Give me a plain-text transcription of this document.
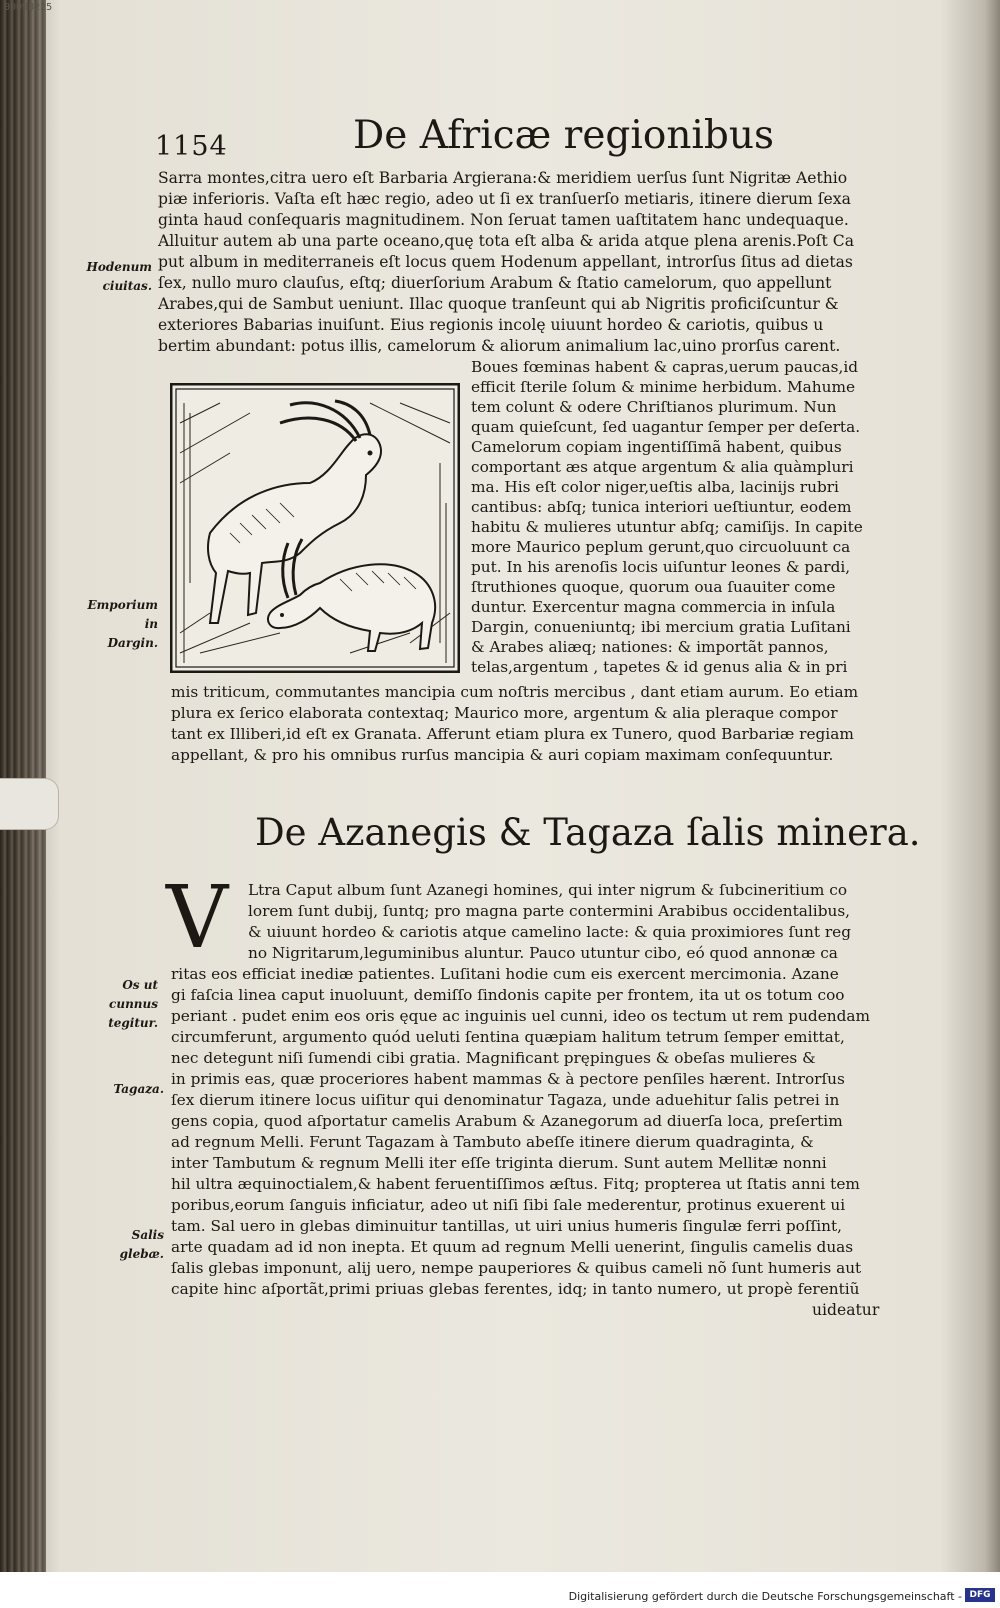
00098225
1154	De Africæ regionibus
Sarra montes,citra uero eſt Barbaria Argierana:& meridiem uerſus ſunt Nigritæ Aethio
piæ inferioris. Vaſta eſt hæc regio, adeo ut ſi ex tranſuerſo metiaris, itinere dierum ſexa
ginta haud conſequaris magnitudinem. Non ſeruat tamen uaſtitatem hanc undequaque.
Alluitur autem ab una parte oceano,quę tota eſt alba & arida atque plena arenis.Poſt Ca
put album in mediterraneis eſt locus quem Hodenum appellant, introrſus ſitus ad dietas
ſex, nullo muro clauſus, eſtq; diuerſorium Arabum & ſtatio camelorum, quo appellunt
Arabes,qui de Sambut ueniunt. Illac quoque tranſeunt qui ab Nigritis proficiſcuntur &
exteriores Babarias inuiſunt. Eius regionis incolę uiuunt hordeo & cariotis, quibus u
bertim abundant: potus illis, camelorum & aliorum animalium lac,uino prorſus carent.
Hodenum
ciuitas.
Boues fœminas habent & capras,uerum paucas,id
efficit ſterile ſolum & minime herbidum. Mahume
tem colunt & odere Chriſtianos plurimum. Nun
quam quieſcunt, ſed uagantur ſemper per deſerta.
Camelorum copiam ingentiſſimã habent, quibus
comportant æs atque argentum & alia quàmpluri
ma. His eſt color niger,ueſtis alba, lacinijs rubri
cantibus: abſq; tunica interiori ueſtiuntur, eodem
habitu & mulieres utuntur abſq; camiſijs. In capite
more Maurico peplum gerunt,quo circuoluunt ca
put. In his arenoſis locis uiſuntur leones & pardi,
ſtruthiones quoque, quorum oua ſuauiter come
duntur. Exercentur magna commercia in inſula
Dargin, conueniuntq; ibi mercium gratia Luſitani
& Arabes aliæq; nationes: & importãt pannos,
telas,argentum , tapetes & id genus alia & in pri
Emporium in
Dargin.
mis triticum, commutantes mancipia cum noſtris mercibus , dant etiam aurum. Eo etiam
plura ex ſerico elaborata contextaq; Maurico more, argentum & alia pleraque compor
tant ex Illiberi,id eſt ex Granata. Afferunt etiam plura ex Tunero, quod Barbariæ regiam
appellant, & pro his omnibus rurſus mancipia & auri copiam maximam conſequuntur.
De Azanegis & Tagaza ſalis minera.
V Ltra Caput album ſunt Azanegi homines, qui inter nigrum & ſubcineritium co
lorem ſunt dubij, ſuntq; pro magna parte contermini Arabibus occidentalibus,
& uiuunt hordeo & cariotis atque camelino lacte: & quia proximiores ſunt reg
no Nigritarum,leguminibus aluntur. Pauco utuntur cibo, eó quod annonæ ca
ritas eos efficiat inediæ patientes. Luſitani hodie cum eis exercent mercimonia. Azane
gi faſcia linea caput inuoluunt, demiſſo ſindonis capite per frontem, ita ut os totum coo
periant . pudet enim eos oris ęque ac inguinis uel cunni, ideo os tectum ut rem pudendam
circumferunt, argumento quód ueluti ſentina quæpiam halitum tetrum ſemper emittat,
nec detegunt niſi ſumendi cibi gratia. Magnificant prępingues & obeſas mulieres &
in primis eas, quæ proceriores habent mammas & à pectore penſiles hærent. Introrſus
ſex dierum itinere locus uiſitur qui denominatur Tagaza, unde aduehitur ſalis petrei in
gens copia, quod aſportatur camelis Arabum & Azanegorum ad diuerſa loca, preſertim
ad regnum Melli. Ferunt Tagazam à Tambuto abeſſe itinere dierum quadraginta, &
inter Tambutum & regnum Melli iter eſſe triginta dierum. Sunt autem Mellitæ nonni
hil ultra æquinoctialem,& habent feruentiſſimos æſtus. Fitq; propterea ut ſtatis anni tem
poribus,eorum ſanguis inficiatur, adeo ut niſi ſibi ſale mederentur, protinus exuerent ui
tam. Sal uero in glebas diminuitur tantillas, ut uiri unius humeris ſingulæ ferri poſſint,
arte quadam ad id non inepta. Et quum ad regnum Melli uenerint, ſingulis camelis duas
ſalis glebas imponunt, alij uero, nempe pauperiores & quibus cameli nõ ſunt humeris aut
capite hinc aſportãt,primi priuas glebas ferentes, idq; in tanto numero, ut propè ferentiũ
uideatur
Os ut cunnus
tegitur.
Tagaza.
Salis glebæ.
Digitalisierung gefördert durch die Deutsche Forschungsgemeinschaft - DFG
